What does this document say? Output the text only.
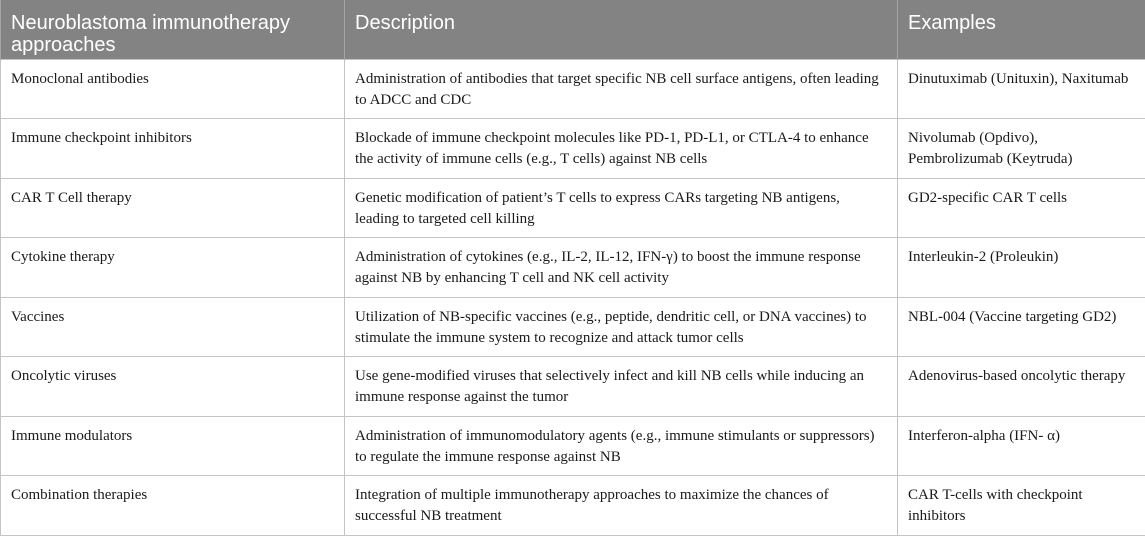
Neuroblastoma immunotherapy approaches	Description	Examples
Monoclonal antibodies	Administration of antibodies that target specific NB cell surface antigens, often leading to ADCC and CDC	Dinutuximab (Unituxin), Naxitumab
Immune checkpoint inhibitors	Blockade of immune checkpoint molecules like PD-1, PD-L1, or CTLA-4 to enhance the activity of immune cells (e.g., T cells) against NB cells	Nivolumab (Opdivo), Pembrolizumab (Keytruda)
CAR T Cell therapy	Genetic modification of patient’s T cells to express CARs targeting NB antigens, leading to targeted cell killing	GD2-specific CAR T cells
Cytokine therapy	Administration of cytokines (e.g., IL-2, IL-12, IFN-γ) to boost the immune response against NB by enhancing T cell and NK cell activity	Interleukin-2 (Proleukin)
Vaccines	Utilization of NB-specific vaccines (e.g., peptide, dendritic cell, or DNA vaccines) to stimulate the immune system to recognize and attack tumor cells	NBL-004 (Vaccine targeting GD2)
Oncolytic viruses	Use gene-modified viruses that selectively infect and kill NB cells while inducing an immune response against the tumor	Adenovirus-based oncolytic therapy
Immune modulators	Administration of immunomodulatory agents (e.g., immune stimulants or suppressors) to regulate the immune response against NB	Interferon-alpha (IFN- α)
Combination therapies	Integration of multiple immunotherapy approaches to maximize the chances of successful NB treatment	CAR T-cells with checkpoint inhibitors
